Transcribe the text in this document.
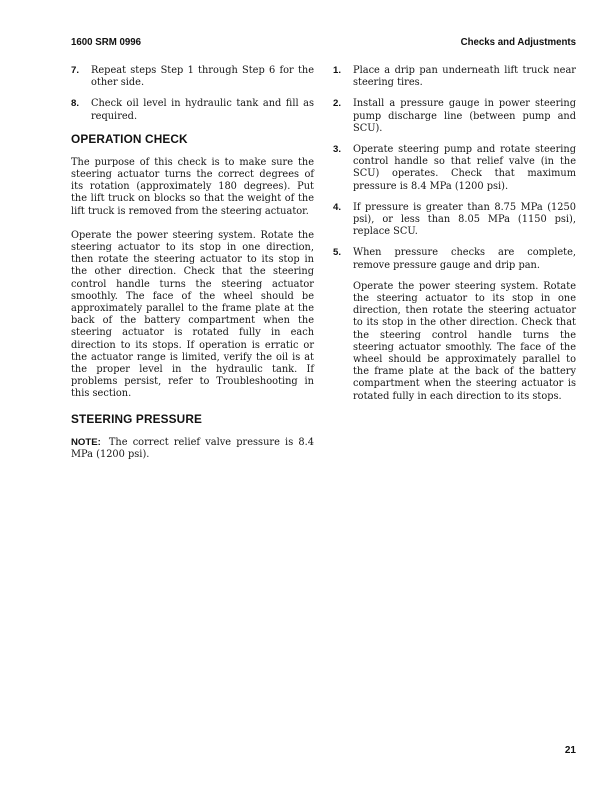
1600 SRM 0996	Checks and Adjustments
7.	Repeat steps Step 1 through Step 6 for the other side.
8.	Check oil level in hydraulic tank and fill as required.
OPERATION CHECK

The purpose of this check is to make sure the steering actuator turns the correct degrees of its rotation (approximately 180 degrees). Put the lift truck on blocks so that the weight of the lift truck is removed from the steering actuator.

Operate the power steering system. Rotate the steering actuator to its stop in one direction, then rotate the steering actuator to its stop in the other direction. Check that the steering control handle turns the steering actuator smoothly. The face of the wheel should be approximately parallel to the frame plate at the back of the battery compartment when the steering actuator is rotated fully in each direction to its stops. If operation is erratic or the actuator range is limited, verify the oil is at the proper level in the hydraulic tank. If problems persist, refer to Troubleshooting in this section.

STEERING PRESSURE

NOTE: The correct relief valve pressure is 8.4 MPa (1200 psi).

1.	Place a drip pan underneath lift truck near steering tires.
2.	Install a pressure gauge in power steering pump discharge line (between pump and SCU).
3.	Operate steering pump and rotate steering control handle so that relief valve (in the SCU) operates. Check that maximum pressure is 8.4 MPa (1200 psi).
4.	If pressure is greater than 8.75 MPa (1250 psi), or less than 8.05 MPa (1150 psi), replace SCU.
5.	When pressure checks are complete, remove pressure gauge and drip pan.

Operate the power steering system. Rotate the steering actuator to its stop in one direction, then rotate the steering actuator to its stop in the other direction. Check that the steering control handle turns the steering actuator smoothly. The face of the wheel should be approximately parallel to the frame plate at the back of the battery compartment when the steering actuator is rotated fully in each direction to its stops.

21
